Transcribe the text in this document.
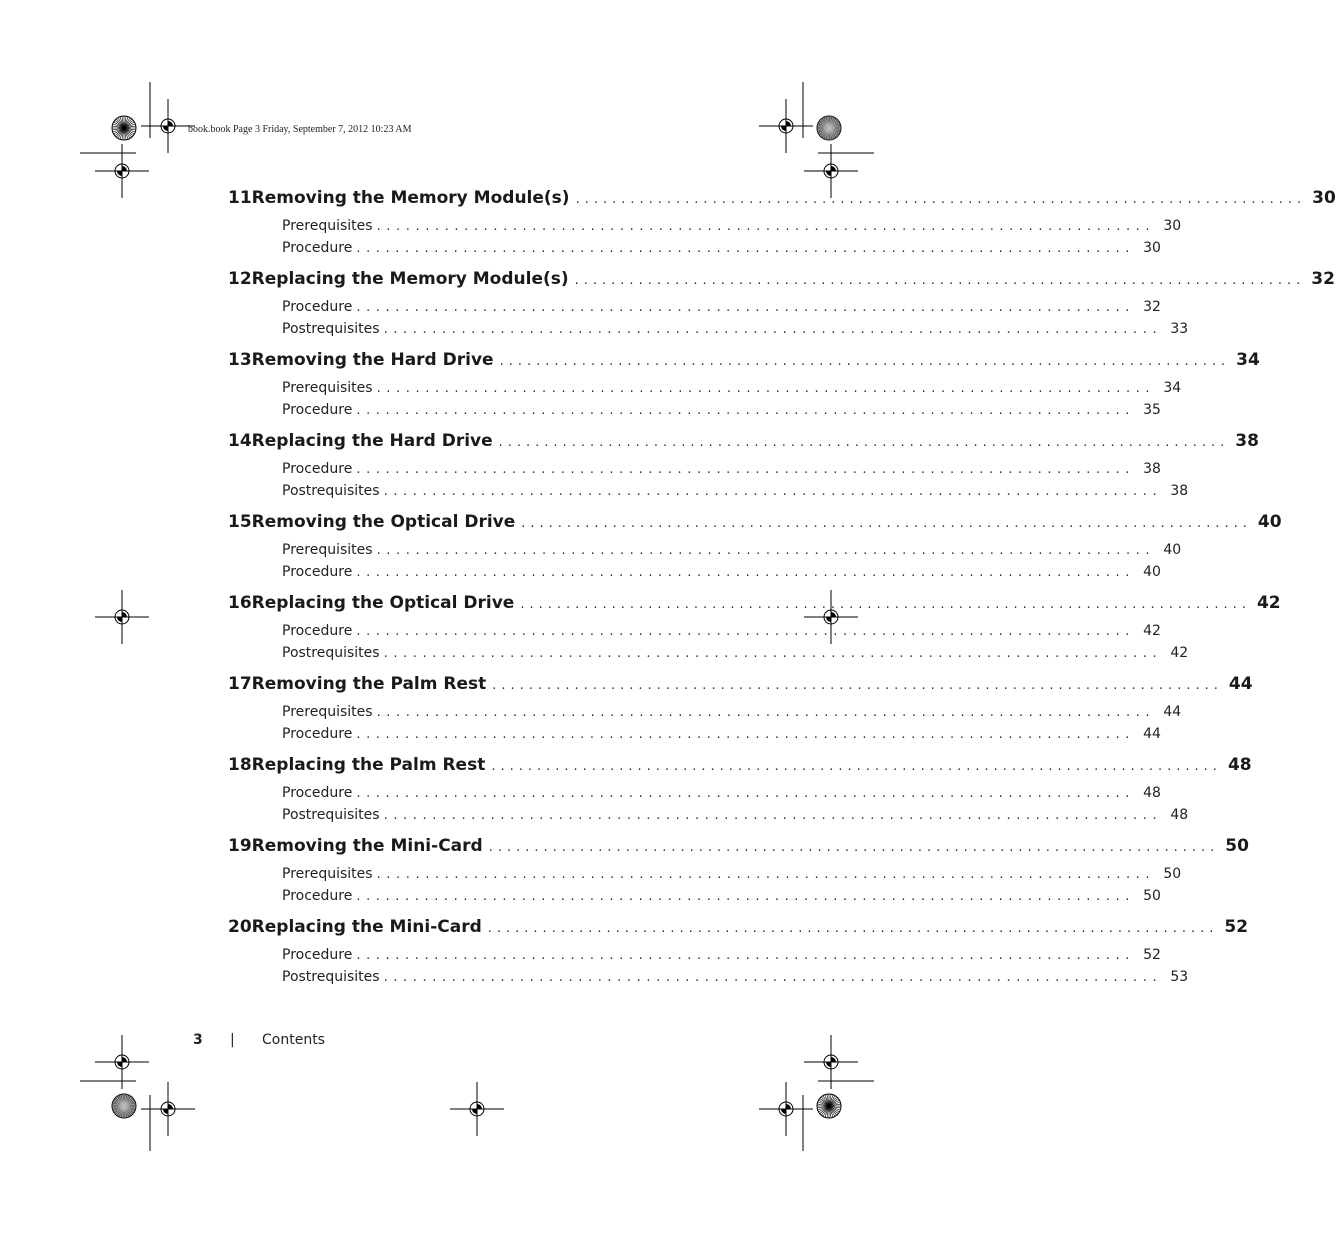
book.book Page 3 Friday, September 7, 2012 10:23 AM
11 Removing the Memory Module(s) ................................................................................ 30
Prerequisites ................................................................................ 30
Procedure ................................................................................ 30
12 Replacing the Memory Module(s) ................................................................................ 32
Procedure ................................................................................ 32
Postrequisites ................................................................................ 33
13 Removing the Hard Drive ................................................................................ 34
Prerequisites ................................................................................ 34
Procedure ................................................................................ 35
14 Replacing the Hard Drive ................................................................................ 38
Procedure ................................................................................ 38
Postrequisites ................................................................................ 38
15 Removing the Optical Drive ................................................................................ 40
Prerequisites ................................................................................ 40
Procedure ................................................................................ 40
16 Replacing the Optical Drive ................................................................................ 42
Procedure ................................................................................ 42
Postrequisites ................................................................................ 42
17 Removing the Palm Rest ................................................................................ 44
Prerequisites ................................................................................ 44
Procedure ................................................................................ 44
18 Replacing the Palm Rest ................................................................................ 48
Procedure ................................................................................ 48
Postrequisites ................................................................................ 48
19 Removing the Mini-Card ................................................................................ 50
Prerequisites ................................................................................ 50
Procedure ................................................................................ 50
20 Replacing the Mini-Card ................................................................................ 52
Procedure ................................................................................ 52
Postrequisites ................................................................................ 53
3 | Contents
